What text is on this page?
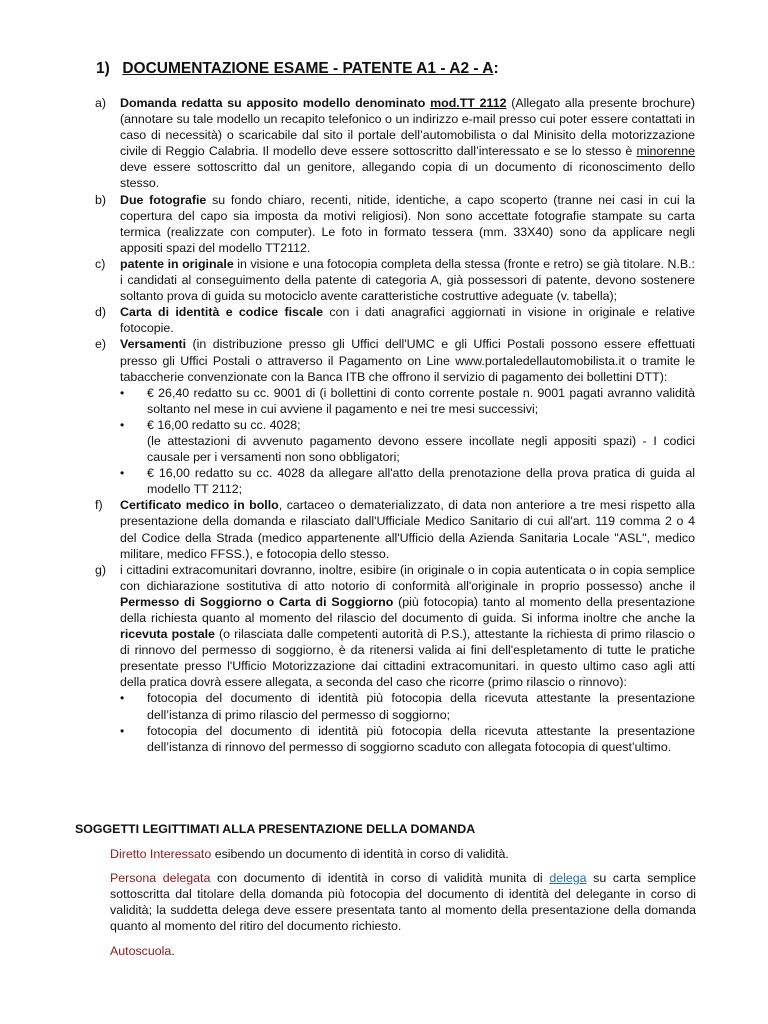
1) DOCUMENTAZIONE ESAME - PATENTE A1 - A2 - A:
a)	Domanda redatta su apposito modello denominato mod.TT 2112 (Allegato alla presente brochure) (annotare su tale modello un recapito telefonico o un indirizzo e-mail presso cui poter essere contattati in caso di necessità) o scaricabile dal sito il portale dell’automobilista o dal Minisito della motorizzazione civile di Reggio Calabria. Il modello deve essere sottoscritto dall’interessato e se lo stesso è minorenne deve essere sottoscritto dal un genitore, allegando copia di un documento di riconoscimento dello stesso.
b)	Due fotografie su fondo chiaro, recenti, nitide, identiche, a capo scoperto (tranne nei casi in cui la copertura del capo sia imposta da motivi religiosi). Non sono accettate fotografie stampate su carta termica (realizzate con computer). Le foto in formato tessera (mm. 33X40) sono da applicare negli appositi spazi del modello TT2112.
c)	patente in originale in visione e una fotocopia completa della stessa (fronte e retro) se già titolare. N.B.: i candidati al conseguimento della patente di categoria A, già possessori di patente, devono sostenere soltanto prova di guida su motociclo avente caratteristiche costruttive adeguate (v. tabella);
d)	Carta di identità e codice fiscale con i dati anagrafici aggiornati in visione in originale e relative fotocopie.
e)	Versamenti (in distribuzione presso gli Uffici dell'UMC e gli Uffici Postali possono essere effettuati presso gli Uffici Postali o attraverso il Pagamento on Line www.portaledellautomobilista.it o tramite le tabaccherie convenzionate con la Banca ITB che offrono il servizio di pagamento dei bollettini DTT):
•	€ 26,40 redatto su cc. 9001 di (i bollettini di conto corrente postale n. 9001 pagati avranno validità soltanto nel mese in cui avviene il pagamento e nei tre mesi successivi;
•	€ 16,00 redatto su cc. 4028;
(le attestazioni di avvenuto pagamento devono essere incollate negli appositi spazi) - I codici causale per i versamenti non sono obbligatori;
•	€ 16,00 redatto su cc. 4028 da allegare all'atto della prenotazione della prova pratica di guida al modello TT 2112;
f)	Certificato medico in bollo, cartaceo o dematerializzato, di data non anteriore a tre mesi rispetto alla presentazione della domanda e rilasciato dall'Ufficiale Medico Sanitario di cui all'art. 119 comma 2 o 4 del Codice della Strada (medico appartenente all'Ufficio della Azienda Sanitaria Locale "ASL", medico militare, medico FFSS.), e fotocopia dello stesso.
g)	i cittadini extracomunitari dovranno, inoltre, esibire (in originale o in copia autenticata o in copia semplice con dichiarazione sostitutiva di atto notorio di conformità all'originale in proprio possesso) anche il Permesso di Soggiorno o Carta di Soggiorno (più fotocopia) tanto al momento della presentazione della richiesta quanto al momento del rilascio del documento di guida. Si informa inoltre che anche la ricevuta postale (o rilasciata dalle competenti autorità di P.S.), attestante la richiesta di primo rilascio o di rinnovo del permesso di soggiorno, è da ritenersi valida ai fini dell'espletamento di tutte le pratiche presentate presso l'Ufficio Motorizzazione dai cittadini extracomunitari. in questo ultimo caso agli atti della pratica dovrà essere allegata, a seconda del caso che ricorre (primo rilascio o rinnovo):
•	fotocopia del documento di identità più fotocopia della ricevuta attestante la presentazione dell’istanza di primo rilascio del permesso di soggiorno;
•	fotocopia del documento di identità più fotocopia della ricevuta attestante la presentazione dell’istanza di rinnovo del permesso di soggiorno scaduto con allegata fotocopia di quest’ultimo.
SOGGETTI LEGITTIMATI ALLA PRESENTAZIONE DELLA DOMANDA
Diretto Interessato esibendo un documento di identità in corso di validità.
Persona delegata con documento di identità in corso di validità munita di delega su carta semplice sottoscritta dal titolare della domanda più fotocopia del documento di identità del delegante in corso di validità; la suddetta delega deve essere presentata tanto al momento della presentazione della domanda quanto al momento del ritiro del documento richiesto.
Autoscuola.
